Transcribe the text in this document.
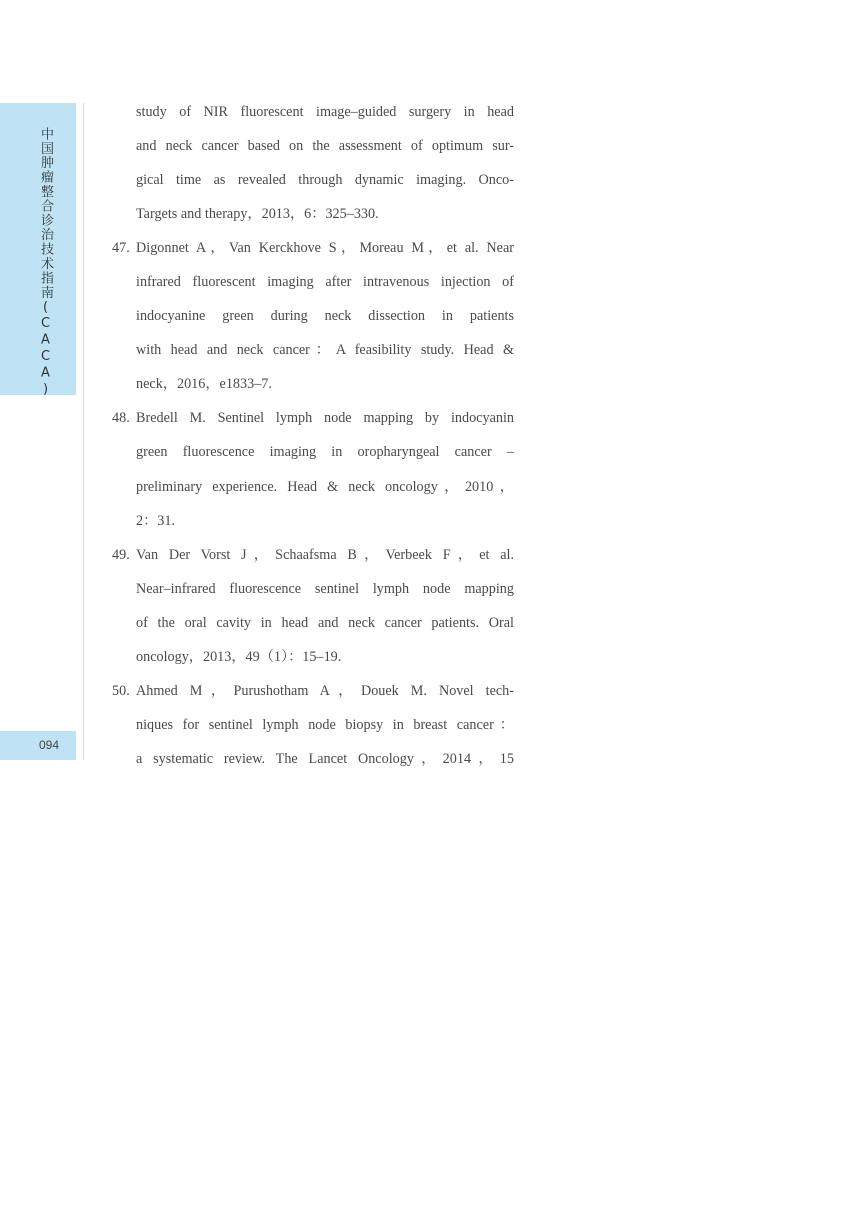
中国肿瘤整合诊治技术指南(CACA)
094
study of NIR fluorescent image–guided surgery in head
and neck cancer based on the assessment of optimum sur-
gical time as revealed through dynamic imaging. Onco-
Targets and therapy，2013，6：325–330.
47. Digonnet A，Van Kerckhove S，Moreau M，et al. Near
infrared fluorescent imaging after intravenous injection of
indocyanine green during neck dissection in patients
with head and neck cancer：A feasibility study. Head &
neck，2016，e1833–7.
48. Bredell M. Sentinel lymph node mapping by indocyanin
green fluorescence imaging in oropharyngeal cancer –
preliminary experience. Head & neck oncology，2010，
2：31.
49. Van Der Vorst J，Schaafsma B，Verbeek F，et al.
Near–infrared fluorescence sentinel lymph node mapping
of the oral cavity in head and neck cancer patients. Oral
oncology，2013，49（1）：15–19.
50. Ahmed M，Purushotham A，Douek M. Novel tech-
niques for sentinel lymph node biopsy in breast cancer：
a systematic review. The Lancet Oncology，2014，15
